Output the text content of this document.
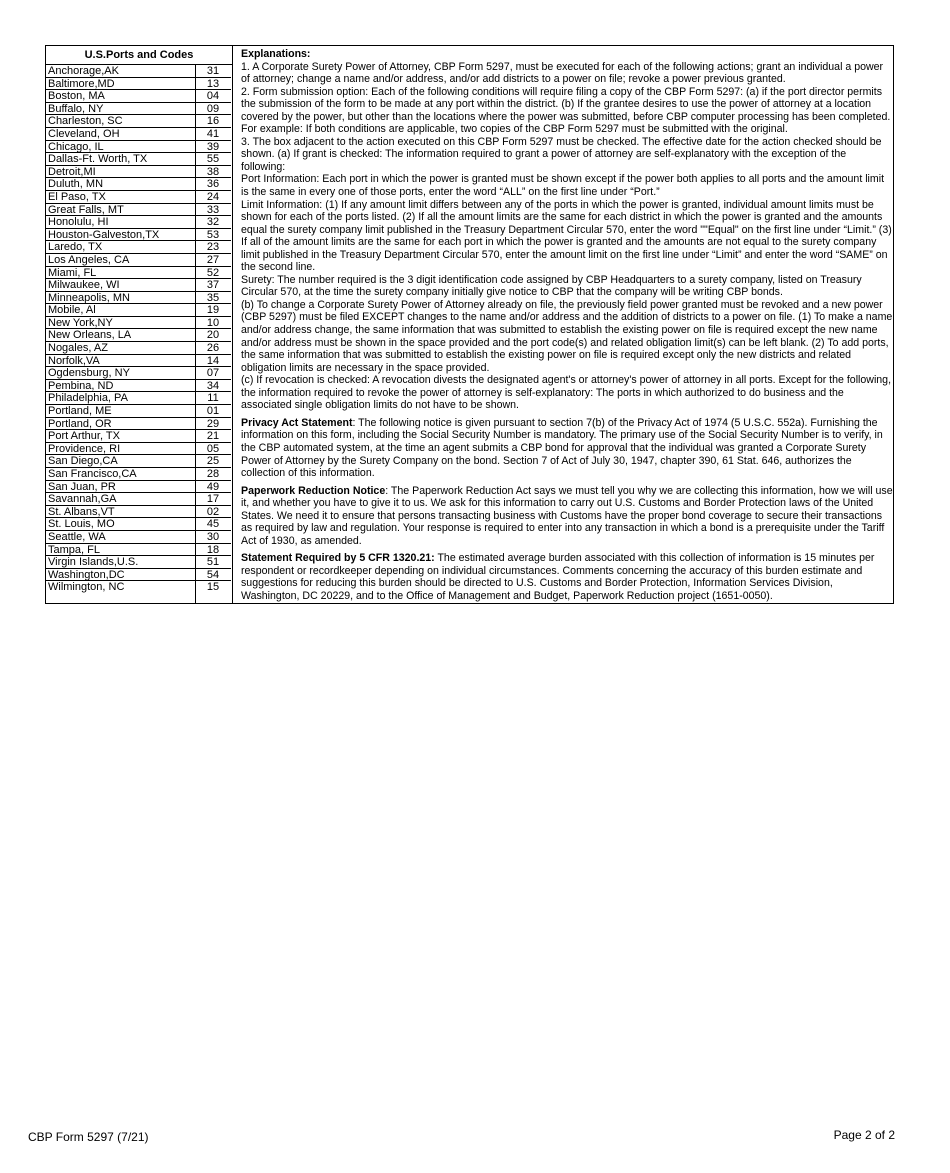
U.S.Ports and Codes
Anchorage,AK	31
Baltimore,MD	13
Boston, MA	04
Buffalo, NY	09
Charleston, SC	16
Cleveland, OH	41
Chicago, IL	39
Dallas-Ft. Worth, TX	55
Detroit,MI	38
Duluth, MN	36
El Paso, TX	24
Great Falls, MT	33
Honolulu, HI	32
Houston-Galveston,TX	53
Laredo, TX	23
Los Angeles, CA	27
Miami, FL	52
Milwaukee, WI	37
Minneapolis, MN	35
Mobile, Al	19
New York,NY	10
New Orleans, LA	20
Nogales, AZ	26
Norfolk,VA	14
Ogdensburg, NY	07
Pembina, ND	34
Philadelphia, PA	11
Portland, ME	01
Portland, OR	29
Port Arthur, TX	21
Providence, RI	05
San Diego,CA	25
San Francisco,CA	28
San Juan, PR	49
Savannah,GA	17
St. Albans,VT	02
St. Louis, MO	45
Seattle, WA	30
Tampa, FL	18
Virgin Islands,U.S.	51
Washington,DC	54
Wilmington, NC	15

Explanations:

1. A Corporate Surety Power of Attorney, CBP Form 5297, must be executed for each of the following actions; grant an individual a power of attorney; change a name and/or address, and/or add districts to a power on file; revoke a power previous granted.

2. Form submission option: Each of the following conditions will require filing a copy of the CBP Form 5297: (a) if the port director permits the submission of the form to be made at any port within the district. (b) If the grantee desires to use the power of attorney at a location covered by the power, but other than the locations where the power was submitted, before CBP computer processing has been completed. For example: If both conditions are applicable, two copies of the CBP Form 5297 must be submitted with the original.

3. The box adjacent to the action executed on this CBP Form 5297 must be checked. The effective date for the action checked should be shown. (a) If grant is checked: The information required to grant a power of attorney are self-explanatory with the exception of the following:

Port Information: Each port in which the power is granted must be shown except if the power both applies to all ports and the amount limit is the same in every one of those ports, enter the word “ALL” on the first line under “Port.”

Limit Information: (1) If any amount limit differs between any of the ports in which the power is granted, individual amount limits must be shown for each of the ports listed. (2) If all the amount limits are the same for each district in which the power is granted and the amounts equal the surety company limit published in the Treasury Department Circular 570, enter the word ""Equal" on the first line under “Limit.” (3) If all of the amount limits are the same for each port in which the power is granted and the amounts are not equal to the surety company limit published in the Treasury Department Circular 570, enter the amount limit on the first line under “Limit” and enter the word “SAME” on the second line.

Surety: The number required is the 3 digit identification code assigned by CBP Headquarters to a surety company, listed on Treasury Circular 570, at the time the surety company initially give notice to CBP that the company will be writing CBP bonds.

(b) To change a Corporate Surety Power of Attorney already on file, the previously field power granted must be revoked and a new power (CBP 5297) must be filed EXCEPT changes to the name and/or address and the addition of districts to a power on file. (1) To make a name and/or address change, the same information that was submitted to establish the existing power on file is required except the new name and/or address must be shown in the space provided and the port code(s) and related obligation limit(s) can be left blank. (2) To add ports, the same information that was submitted to establish the existing power on file is required except only the new districts and related obligation limits are necessary in the space provided.

(c) If revocation is checked: A revocation divests the designated agent's or attorney's power of attorney in all ports. Except for the following, the information required to revoke the power of attorney is self-explanatory: The ports in which authorized to do business and the associated single obligation limits do not have to be shown.

Privacy Act Statement: The following notice is given pursuant to section 7(b) of the Privacy Act of 1974 (5 U.S.C. 552a). Furnishing the information on this form, including the Social Security Number is mandatory. The primary use of the Social Security Number is to verify, in the CBP automated system, at the time an agent submits a CBP bond for approval that the individual was granted a Corporate Surety Power of Attorney by the Surety Company on the bond. Section 7 of Act of July 30, 1947, chapter 390, 61 Stat. 646, authorizes the collection of this information.

Paperwork Reduction Notice: The Paperwork Reduction Act says we must tell you why we are collecting this information, how we will use it, and whether you have to give it to us. We ask for this information to carry out U.S. Customs and Border Protection laws of the United States. We need it to ensure that persons transacting business with Customs have the proper bond coverage to secure their transactions as required by law and regulation. Your response is required to enter into any transaction in which a bond is a prerequisite under the Tariff Act of 1930, as amended.

Statement Required by 5 CFR 1320.21: The estimated average burden associated with this collection of information is 15 minutes per respondent or recordkeeper depending on individual circumstances. Comments concerning the accuracy of this burden estimate and suggestions for reducing this burden should be directed to U.S. Customs and Border Protection, Information Services Division, Washington, DC 20229, and to the Office of Management and Budget, Paperwork Reduction project (1651-0050).

CBP Form 5297 (7/21)	Page 2 of 2
